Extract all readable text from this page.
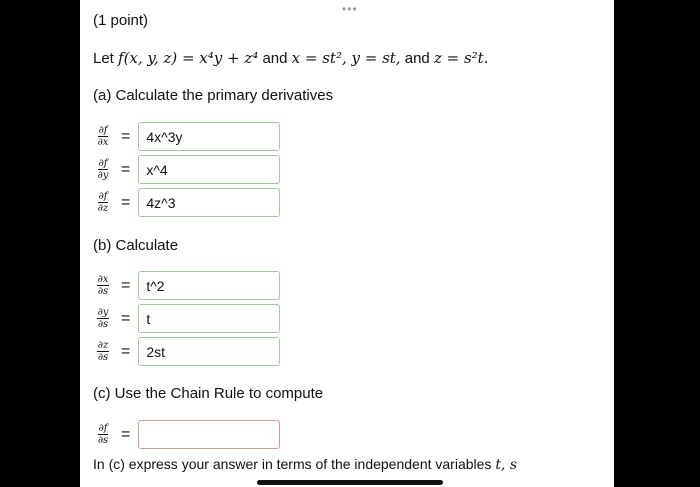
•••
(1 point)
Let f(x, y, z) = x⁴y + z⁴ and x = st², y = st, and z = s²t.
(a) Calculate the primary derivatives
$\frac{\partial f}{\partial x}$ =	4x^3y
$\frac{\partial f}{\partial y}$ =	x^4
$\frac{\partial f}{\partial z}$ =	4z^3
(b) Calculate
$\frac{\partial x}{\partial s}$ =	t^2
$\frac{\partial y}{\partial s}$ =	t
$\frac{\partial z}{\partial s}$ =	2st
(c) Use the Chain Rule to compute
$\frac{\partial f}{\partial s}$ =
In (c) express your answer in terms of the independent variables t, s
